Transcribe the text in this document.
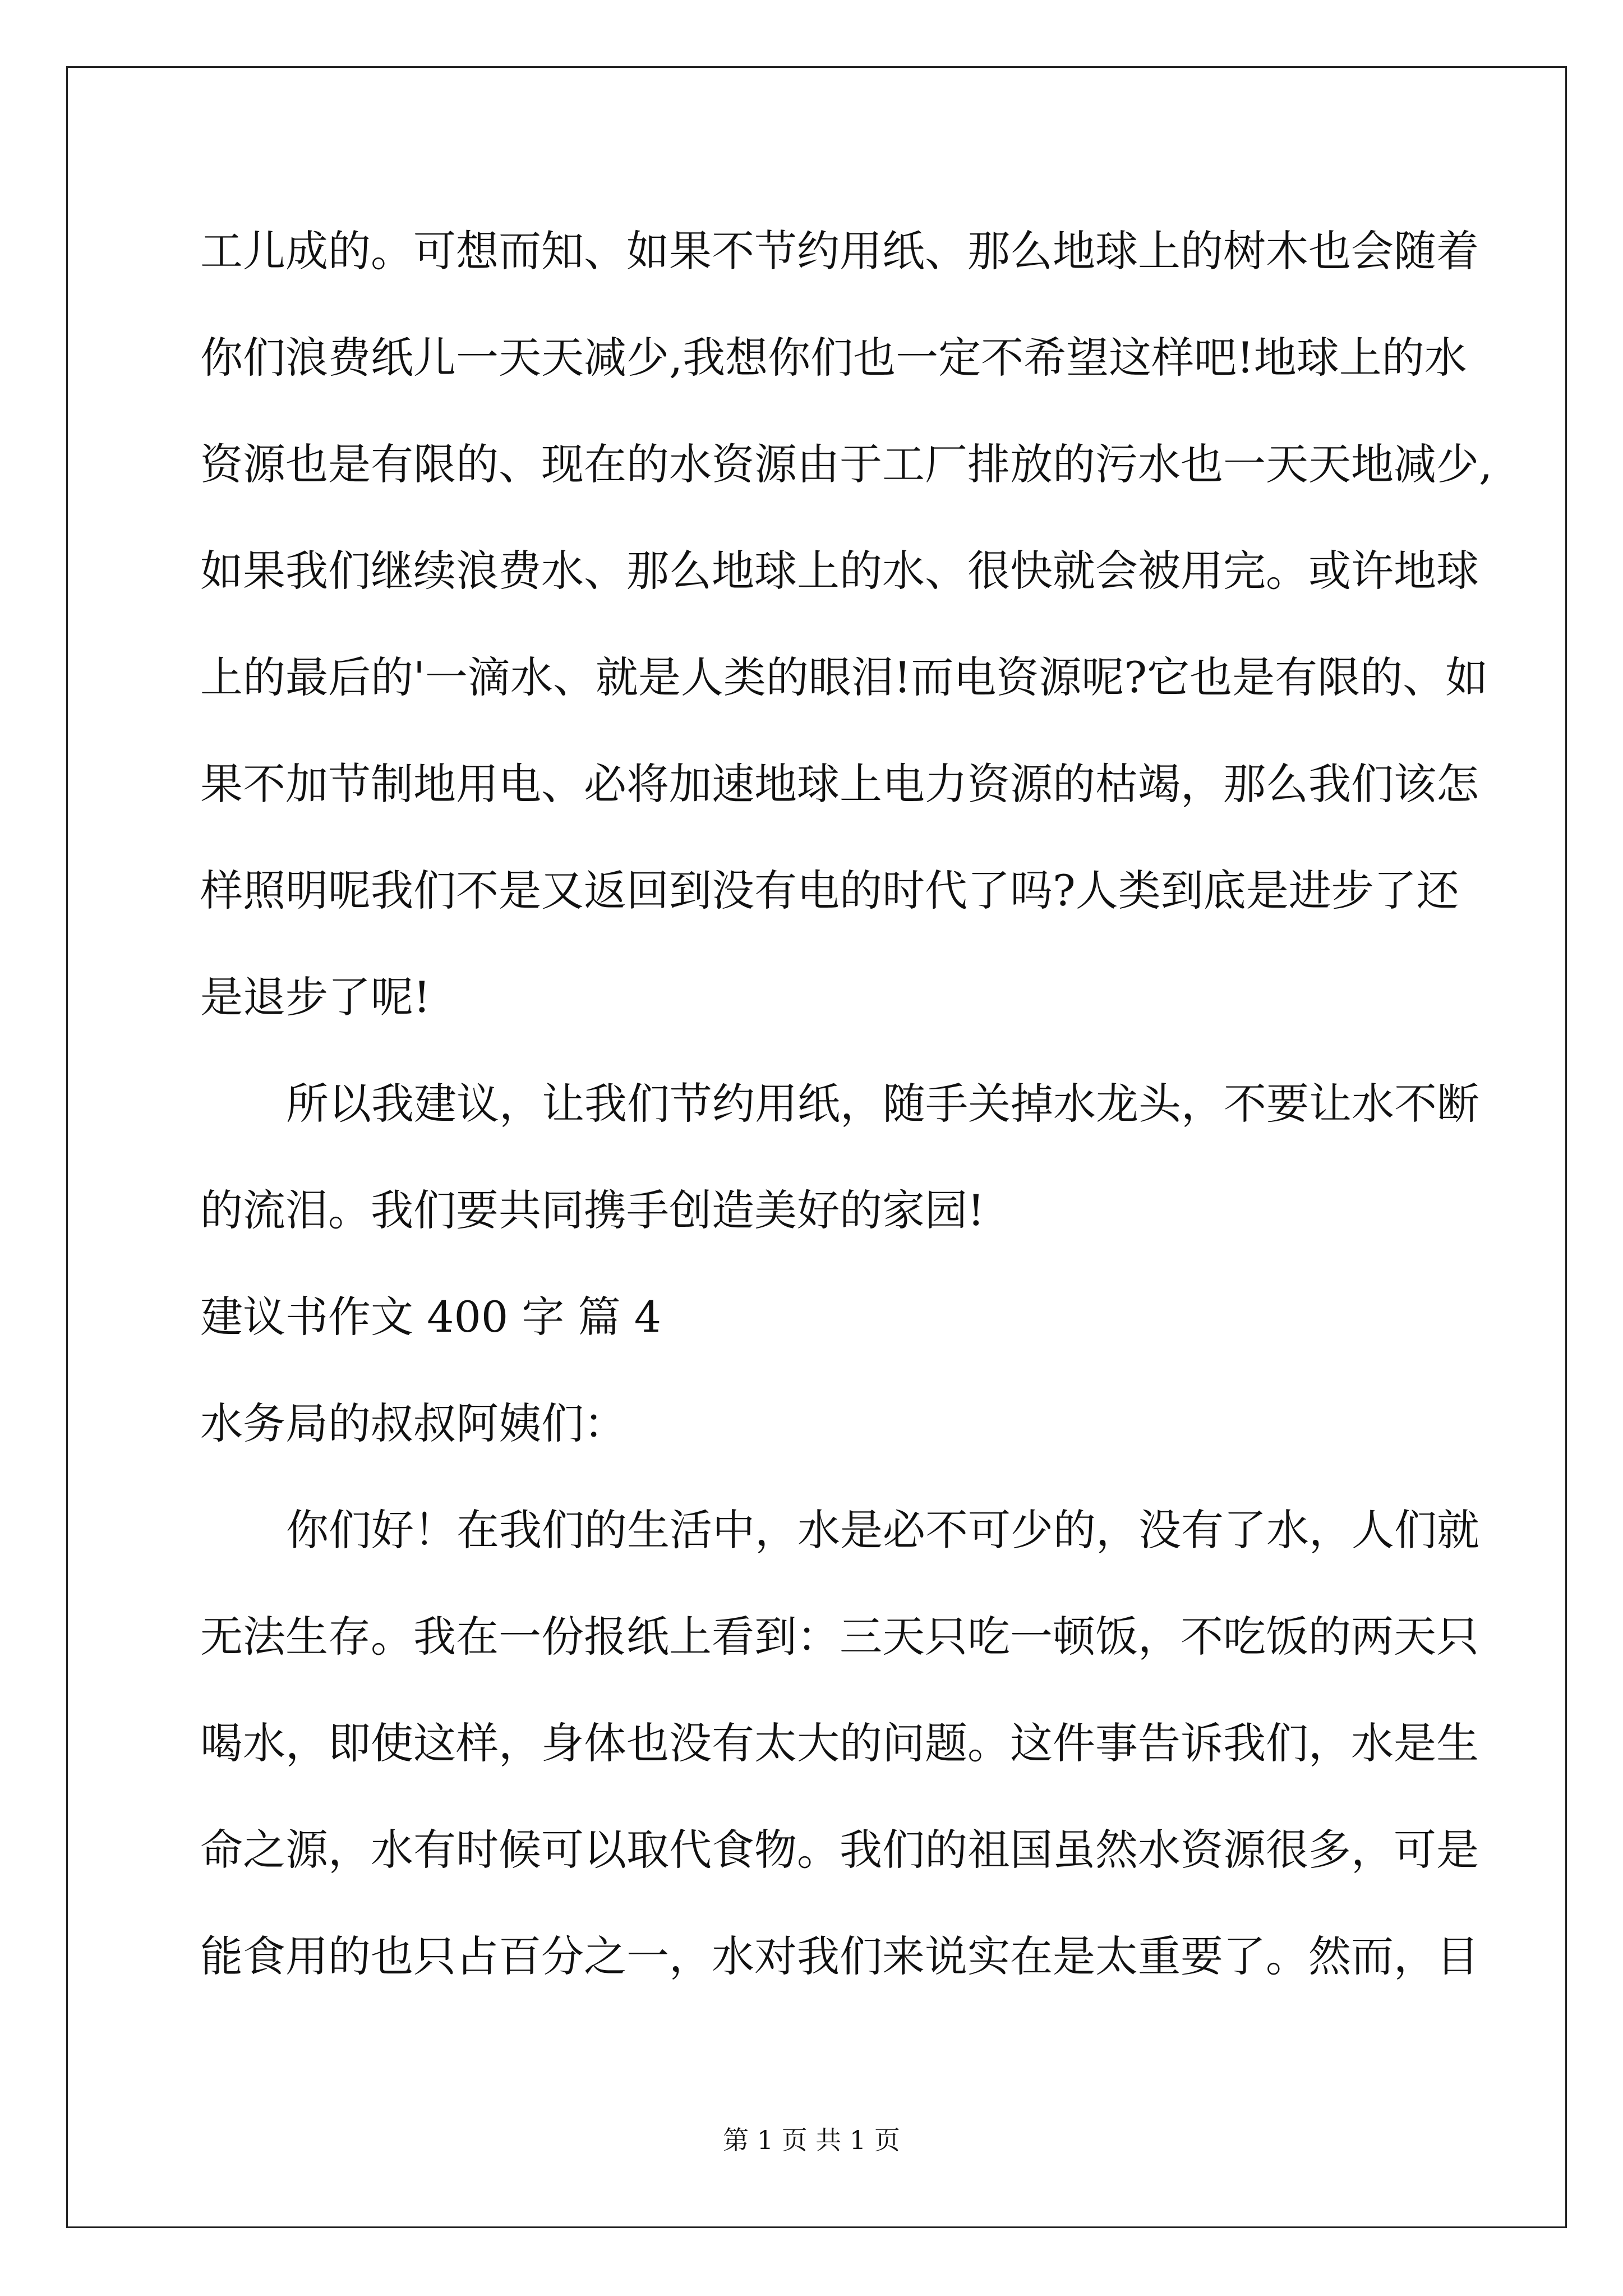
工儿成的。可想而知、如果不节约用纸、那么地球上的树木也会随着
你们浪费纸儿一天天减少,我想你们也一定不希望这样吧!地球上的水
资源也是有限的、现在的水资源由于工厂排放的污水也一天天地减少,
如果我们继续浪费水、那么地球上的水、很快就会被用完。或许地球
上的最后的'一滴水、就是人类的眼泪!而电资源呢?它也是有限的、如
果不加节制地用电、必将加速地球上电力资源的枯竭，那么我们该怎
样照明呢我们不是又返回到没有电的时代了吗?人类到底是进步了还
是退步了呢!
所以我建议，让我们节约用纸，随手关掉水龙头，不要让水不断
的流泪。我们要共同携手创造美好的家园!
建议书作文 400 字 篇 4
水务局的叔叔阿姨们：
你们好！在我们的生活中，水是必不可少的，没有了水，人们就
无法生存。我在一份报纸上看到：三天只吃一顿饭，不吃饭的两天只
喝水，即使这样，身体也没有太大的问题。这件事告诉我们，水是生
命之源，水有时候可以取代食物。我们的祖国虽然水资源很多，可是
能食用的也只占百分之一，水对我们来说实在是太重要了。然而，目
第 1 页 共 1 页
